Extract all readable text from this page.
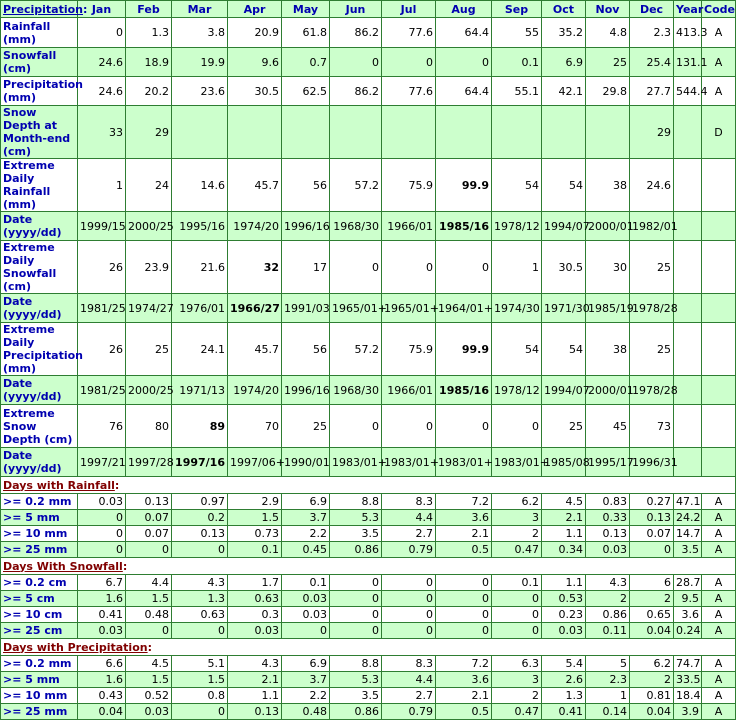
Precipitation:	Jan	Feb	Mar	Apr	May	Jun	Jul	Aug	Sep	Oct	Nov	Dec	Year	Code
Rainfall (mm)	0	1.3	3.8	20.9	61.8	86.2	77.6	64.4	55	35.2	4.8	2.3	413.3	A
Snowfall (cm)	24.6	18.9	19.9	9.6	0.7	0	0	0	0.1	6.9	25	25.4	131.1	A
Precipitation (mm)	24.6	20.2	23.6	30.5	62.5	86.2	77.6	64.4	55.1	42.1	29.8	27.7	544.4	A
Snow Depth at Month-end (cm)	33	29										29		D
Extreme Daily Rainfall (mm)	1	24	14.6	45.7	56	57.2	75.9	99.9	54	54	38	24.6		
Date (yyyy/dd)	1999/15	2000/25	1995/16	1974/20	1996/16	1968/30	1966/01	1985/16	1978/12	1994/07	2000/01	1982/01		
Extreme Daily Snowfall (cm)	26	23.9	21.6	32	17	0	0	0	1	30.5	30	25		
Date (yyyy/dd)	1981/25	1974/27	1976/01	1966/27	1991/03	1965/01+	1965/01+	1964/01+	1974/30	1971/30	1985/19	1978/28		
Extreme Daily Precipitation (mm)	26	25	24.1	45.7	56	57.2	75.9	99.9	54	54	38	25		
Date (yyyy/dd)	1981/25	2000/25	1971/13	1974/20	1996/16	1968/30	1966/01	1985/16	1978/12	1994/07	2000/01	1978/28		
Extreme Snow Depth (cm)	76	80	89	70	25	0	0	0	0	25	45	73		
Date (yyyy/dd)	1997/21	1997/28	1997/16	1997/06+	1990/01	1983/01+	1983/01+	1983/01+	1983/01+	1985/08	1995/17	1996/31		
Days with Rainfall:														
>= 0.2 mm	0.03	0.13	0.97	2.9	6.9	8.8	8.3	7.2	6.2	4.5	0.83	0.27	47.1	A
>= 5 mm	0	0.07	0.2	1.5	3.7	5.3	4.4	3.6	3	2.1	0.33	0.13	24.2	A
>= 10 mm	0	0.07	0.13	0.73	2.2	3.5	2.7	2.1	2	1.1	0.13	0.07	14.7	A
>= 25 mm	0	0	0	0.1	0.45	0.86	0.79	0.5	0.47	0.34	0.03	0	3.5	A
Days With Snowfall:														
>= 0.2 cm	6.7	4.4	4.3	1.7	0.1	0	0	0	0.1	1.1	4.3	6	28.7	A
>= 5 cm	1.6	1.5	1.3	0.63	0.03	0	0	0	0	0.53	2	2	9.5	A
>= 10 cm	0.41	0.48	0.63	0.3	0.03	0	0	0	0	0.23	0.86	0.65	3.6	A
>= 25 cm	0.03	0	0	0.03	0	0	0	0	0	0.03	0.11	0.04	0.24	A
Days with Precipitation:														
>= 0.2 mm	6.6	4.5	5.1	4.3	6.9	8.8	8.3	7.2	6.3	5.4	5	6.2	74.7	A
>= 5 mm	1.6	1.5	1.5	2.1	3.7	5.3	4.4	3.6	3	2.6	2.3	2	33.5	A
>= 10 mm	0.43	0.52	0.8	1.1	2.2	3.5	2.7	2.1	2	1.3	1	0.81	18.4	A
>= 25 mm	0.04	0.03	0	0.13	0.48	0.86	0.79	0.5	0.47	0.41	0.14	0.04	3.9	A
